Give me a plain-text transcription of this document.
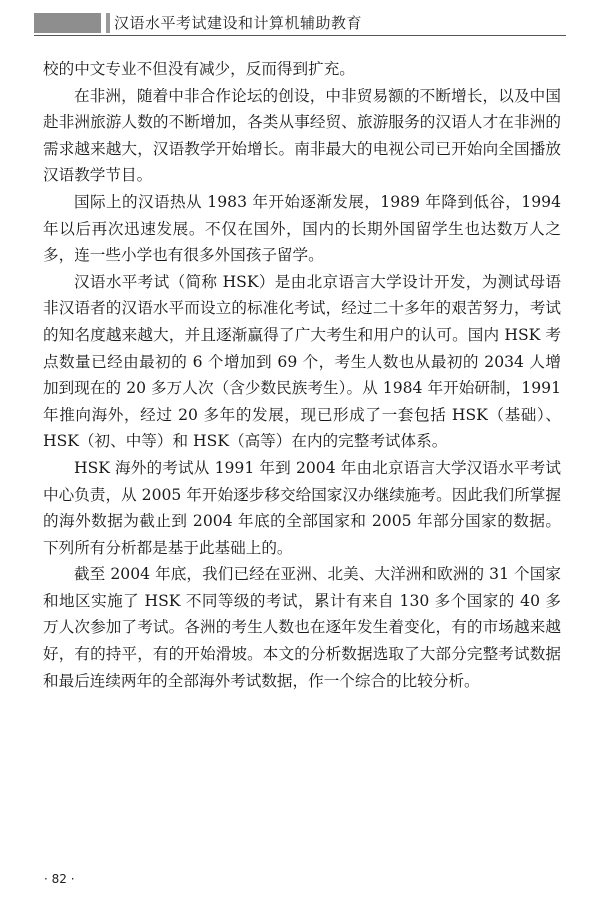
汉语水平考试建设和计算机辅助教育

校的中文专业不但没有减少，反而得到扩充。

在非洲，随着中非合作论坛的创设，中非贸易额的不断增长，以及中国赴非洲旅游人数的不断增加，各类从事经贸、旅游服务的汉语人才在非洲的需求越来越大，汉语教学开始增长。南非最大的电视公司已开始向全国播放汉语教学节目。

国际上的汉语热从 1983 年开始逐渐发展，1989 年降到低谷，1994 年以后再次迅速发展。不仅在国外，国内的长期外国留学生也达数万人之多，连一些小学也有很多外国孩子留学。

汉语水平考试（简称 HSK）是由北京语言大学设计开发，为测试母语非汉语者的汉语水平而设立的标准化考试，经过二十多年的艰苦努力，考试的知名度越来越大，并且逐渐赢得了广大考生和用户的认可。国内 HSK 考点数量已经由最初的 6 个增加到 69 个，考生人数也从最初的 2034 人增加到现在的 20 多万人次（含少数民族考生）。从 1984 年开始研制，1991 年推向海外，经过 20 多年的发展，现已形成了一套包括 HSK（基础）、HSK（初、中等）和 HSK（高等）在内的完整考试体系。

HSK 海外的考试从 1991 年到 2004 年由北京语言大学汉语水平考试中心负责，从 2005 年开始逐步移交给国家汉办继续施考。因此我们所掌握的海外数据为截止到 2004 年底的全部国家和 2005 年部分国家的数据。下列所有分析都是基于此基础上的。

截至 2004 年底，我们已经在亚洲、北美、大洋洲和欧洲的 31 个国家和地区实施了 HSK 不同等级的考试，累计有来自 130 多个国家的 40 多万人次参加了考试。各洲的考生人数也在逐年发生着变化，有的市场越来越好，有的持平，有的开始滑坡。本文的分析数据选取了大部分完整考试数据和最后连续两年的全部海外考试数据，作一个综合的比较分析。

· 82 ·
